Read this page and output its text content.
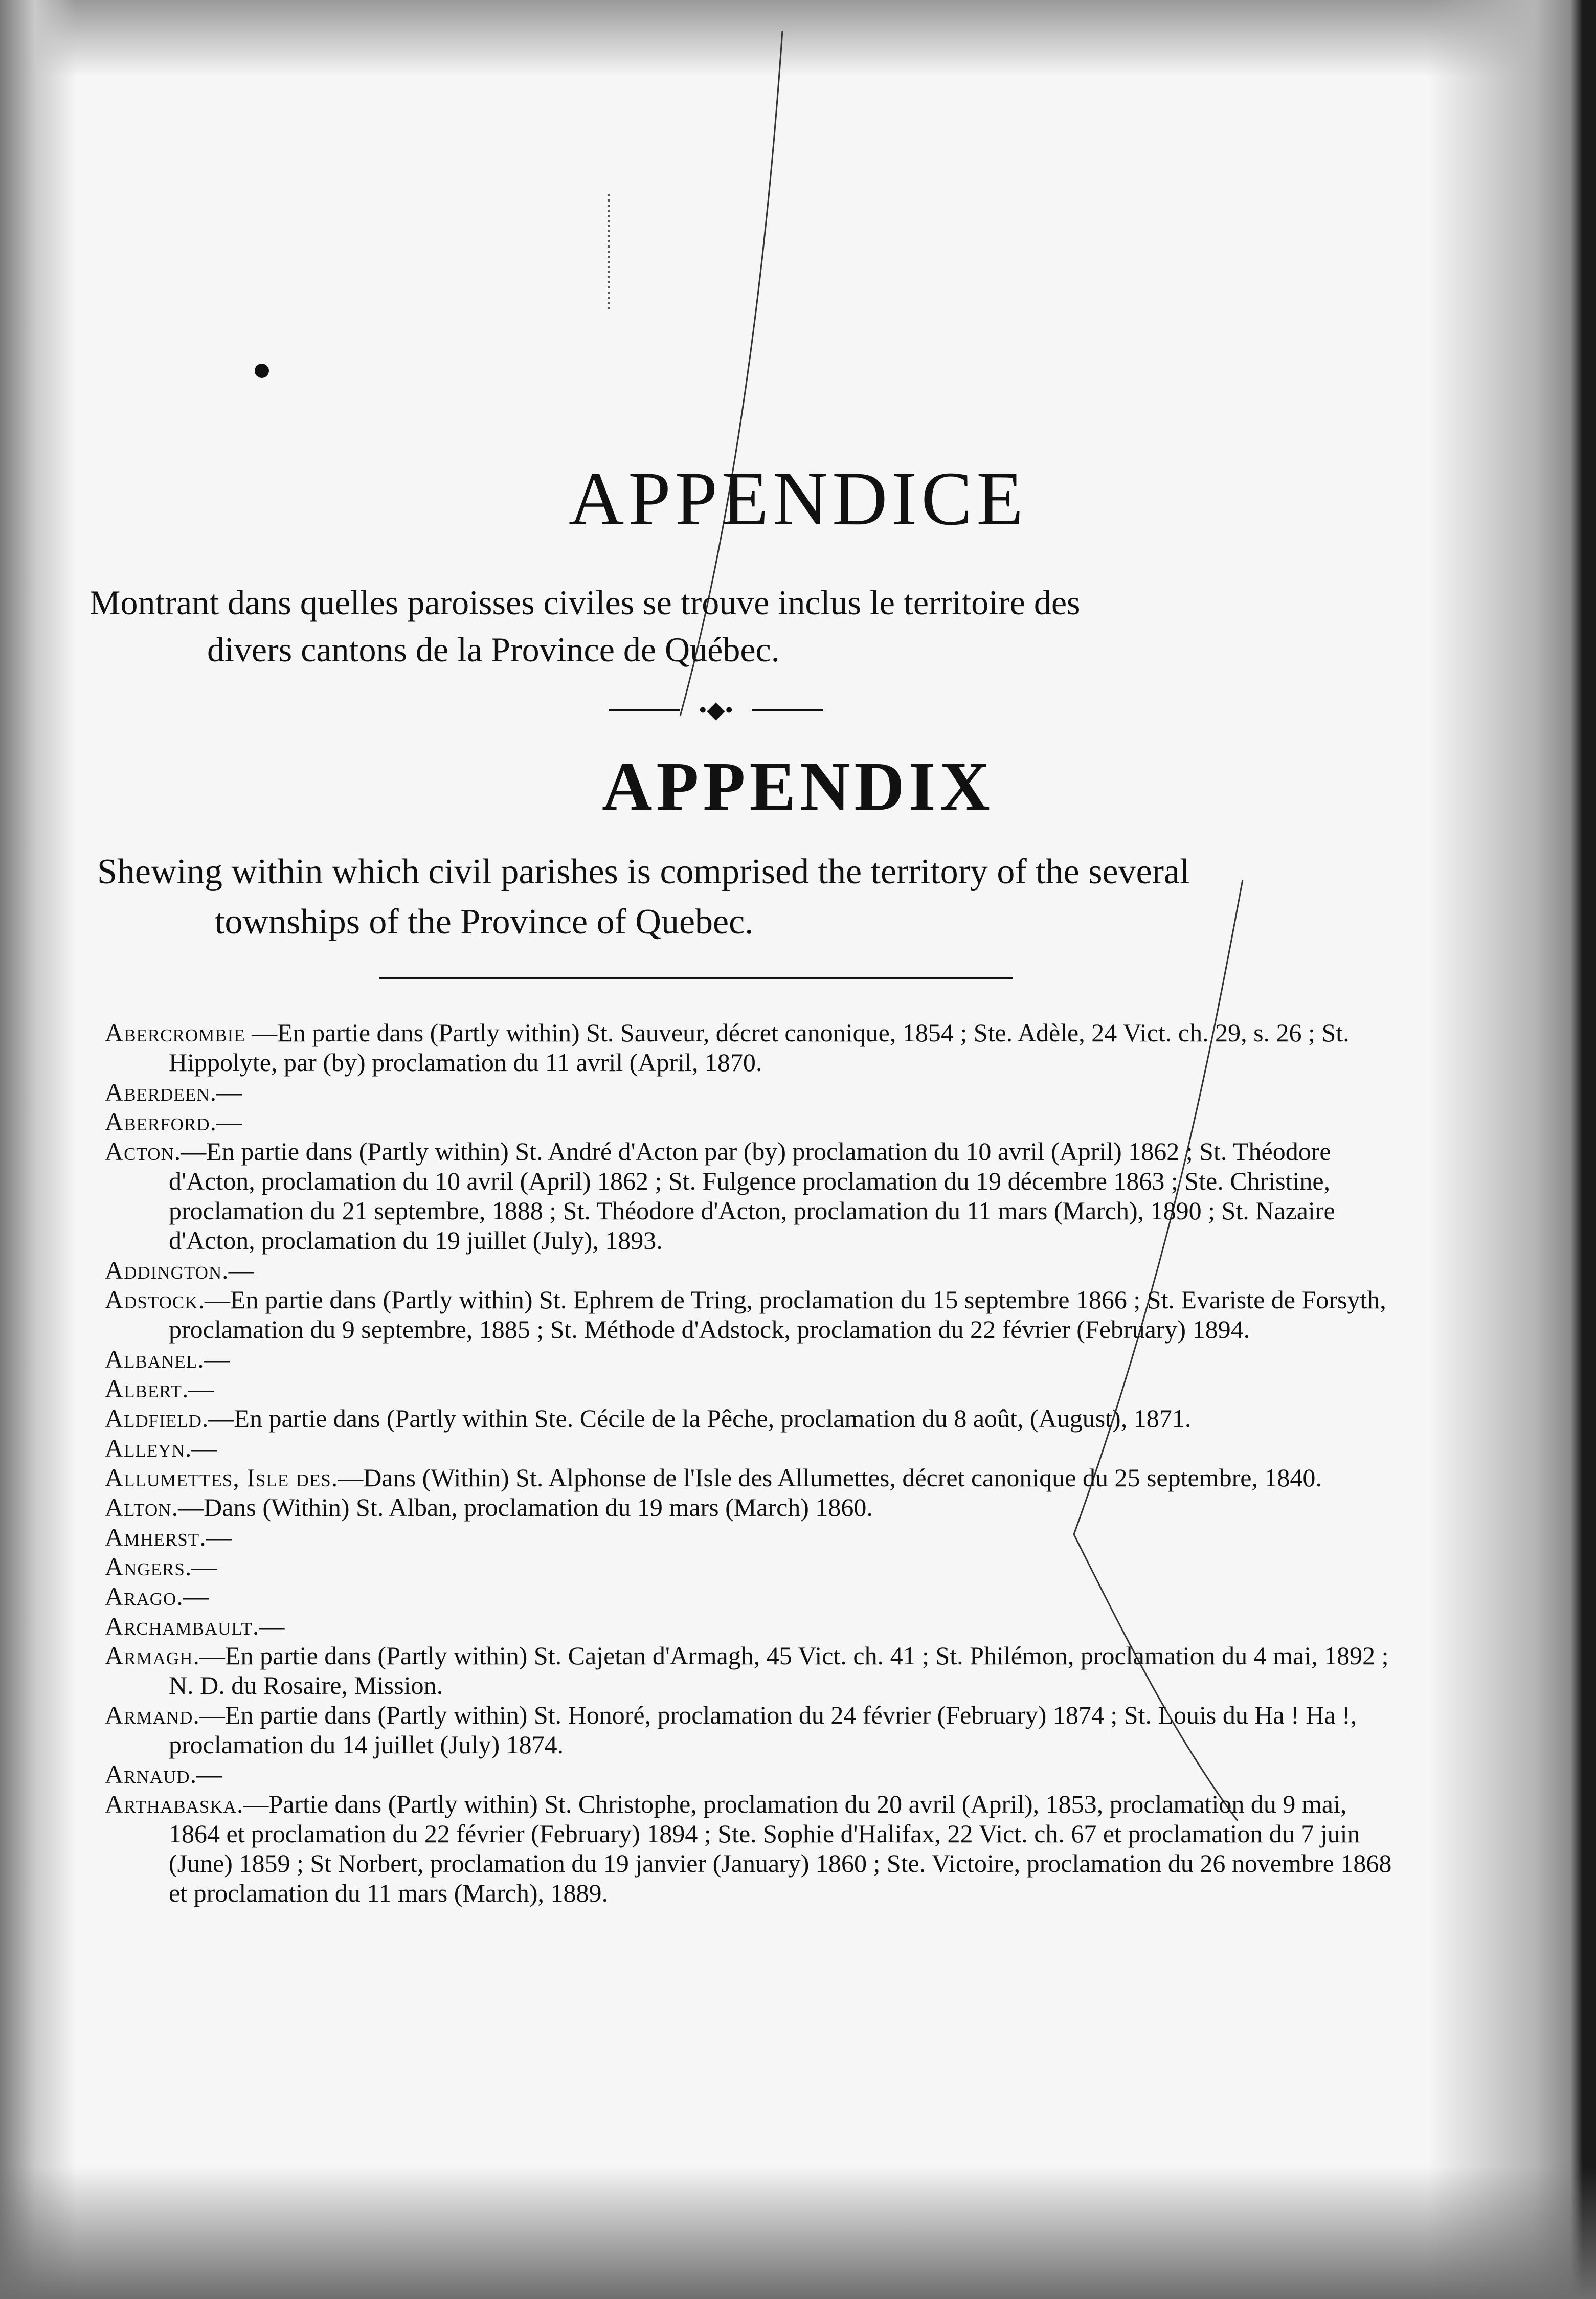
APPENDICE

Montrant dans quelles paroisses civiles se trouve inclus le territoire des
divers cantons de la Province de Québec.

•◆•
APPENDIX

Shewing within which civil parishes is comprised the territory of the several
townships of the Province of Quebec.

Abercrombie —En partie dans (Partly within) St. Sauveur, décret canonique, 1854 ; Ste. Adèle, 24 Vict. ch. 29, s. 26 ; St. Hippolyte, par (by) proclamation du 11 avril (April, 1870.

Aberdeen.—

Aberford.—

Acton.—En partie dans (Partly within) St. André d'Acton par (by) proclamation du 10 avril (April) 1862 ; St. Théodore d'Acton, proclamation du 10 avril (April) 1862 ; St. Fulgence proclamation du 19 décembre 1863 ; Ste. Christine, proclamation du 21 septembre, 1888 ; St. Théodore d'Acton, proclamation du 11 mars (March), 1890 ; St. Nazaire d'Acton, proclamation du 19 juillet (July), 1893.

Addington.—

Adstock.—En partie dans (Partly within) St. Ephrem de Tring, proclamation du 15 septembre 1866 ; St. Evariste de Forsyth, proclamation du 9 septembre, 1885 ; St. Méthode d'Adstock, proclamation du 22 février (February) 1894.

Albanel.—

Albert.—

Aldfield.—En partie dans (Partly within Ste. Cécile de la Pêche, proclamation du 8 août, (August), 1871.

Alleyn.—

Allumettes, Isle des.—Dans (Within) St. Alphonse de l'Isle des Allumettes, décret canonique du 25 septembre, 1840.

Alton.—Dans (Within) St. Alban, proclamation du 19 mars (March) 1860.

Amherst.—

Angers.—

Arago.—

Archambault.—

Armagh.—En partie dans (Partly within) St. Cajetan d'Armagh, 45 Vict. ch. 41 ; St. Philémon, proclamation du 4 mai, 1892 ; N. D. du Rosaire, Mission.

Armand.—En partie dans (Partly within) St. Honoré, proclamation du 24 février (February) 1874 ; St. Louis du Ha ! Ha !, proclamation du 14 juillet (July) 1874.

Arnaud.—

Arthabaska.—Partie dans (Partly within) St. Christophe, proclamation du 20 avril (April), 1853, proclamation du 9 mai, 1864 et proclamation du 22 février (February) 1894 ; Ste. Sophie d'Halifax, 22 Vict. ch. 67 et proclamation du 7 juin (June) 1859 ; St Norbert, proclamation du 19 janvier (January) 1860 ; Ste. Victoire, proclamation du 26 novembre 1868 et proclamation du 11 mars (March), 1889.
